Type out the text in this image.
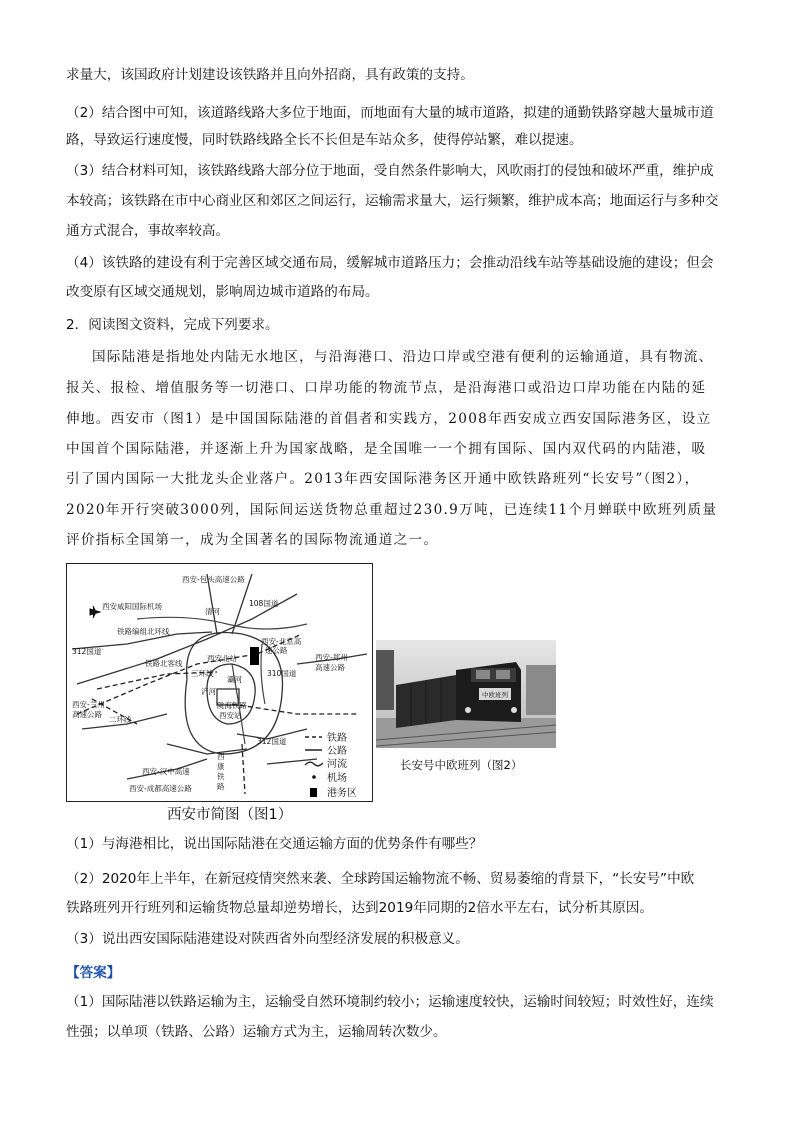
求量大，该国政府计划建设该铁路并且向外招商，具有政策的支持。
（2）结合图中可知，该道路线路大多位于地面，而地面有大量的城市道路，拟建的通勤铁路穿越大量城市道
路，导致运行速度慢，同时铁路线路全长不长但是车站众多，使得停站繁，难以提速。
（3）结合材料可知，该铁路线路大部分位于地面，受自然条件影响大，风吹雨打的侵蚀和破坏严重，维护成
本较高；该铁路在市中心商业区和郊区之间运行，运输需求量大，运行频繁，维护成本高；地面运行与多种交
通方式混合，事故率较高。
（4）该铁路的建设有利于完善区域交通布局，缓解城市道路压力；会推动沿线车站等基础设施的建设；但会
改变原有区域交通规划，影响周边城市道路的布局。
2．阅读图文资料，完成下列要求。
国际陆港是指地处内陆无水地区，与沿海港口、沿边口岸或空港有便利的运输通道，具有物流、
报关、报检、增值服务等一切港口、口岸功能的物流节点，是沿海港口或沿边口岸功能在内陆的延
伸地。西安市（图1）是中国国际陆港的首倡者和实践方，2008年西安成立西安国际港务区，设立
中国首个国际陆港，并逐渐上升为国家战略，是全国唯一一个拥有国际、国内双代码的内陆港，吸
引了国内国际一大批龙头企业落户。2013年西安国际港务区开通中欧铁路班列“长安号”（图2），
2020年开行突破3000列，国际间运送货物总重超过230.9万吨，已连续11个月蝉联中欧班列质量
评价指标全国第一，成为全国著名的国际物流通道之一。
西安-包头高速公路
西安咸阳国际机场	108国道
清河
铁路编组北环线
312国道
西安-北京高
速公路
西安-郑州
高速公路
铁路北客线
西安北站
三环线	310国道
灞河
西安-兰州
高速公路
二环线
陇海铁路
西安站
浐河
312国道
西安-汉中高速
西安-成都高速公路
西
康
铁
路
铁路
公路
河流
机场
港务区
西安市简图（图1）
中欧班列
长安号中欧班列（图2）
（1）与海港相比，说出国际陆港在交通运输方面的优势条件有哪些？
（2）2020年上半年，在新冠疫情突然来袭、全球跨国运输物流不畅、贸易萎缩的背景下，“长安号”中欧
铁路班列开行班列和运输货物总量却逆势增长，达到2019年同期的2倍水平左右，试分析其原因。
（3）说出西安国际陆港建设对陕西省外向型经济发展的积极意义。
【答案】
（1）国际陆港以铁路运输为主，运输受自然环境制约较小；运输速度较快，运输时间较短；时效性好，连续
性强；以单项（铁路、公路）运输方式为主，运输周转次数少。
